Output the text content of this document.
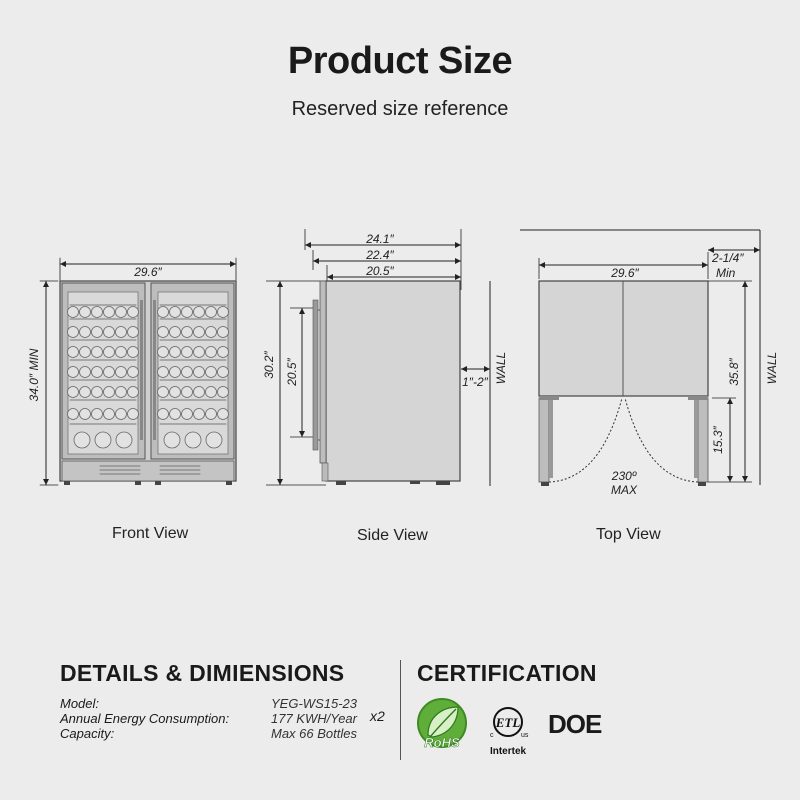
Product Size
Reserved size reference
29.6″
34.0″ MIN
24.1″
22.4″
20.5″
30.2″ 20.5″	1″-2″ WALL	WALL
29.6″
2-1/4″
Min
230º
MAX
35.8″
15.3″
Front View	Side View	Top View
DETAILS & DIMIENSIONS	CERTIFICATION
Model:	YEG-WS15-23
Annual Energy Consumption:	177 KWH/Year
Capacity:	Max 66 Bottles
x2
RoHS
ETL
c	us
Intertek
DOE
